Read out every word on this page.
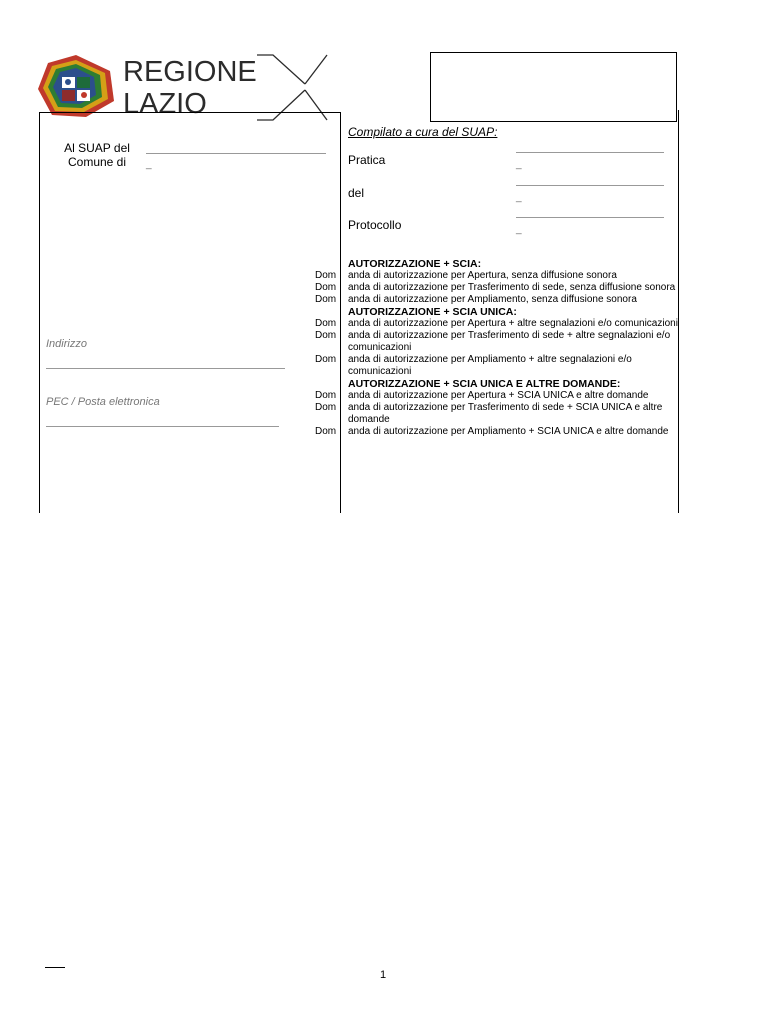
REGIONE
LAZIO
Al SUAP del Comune di	_
Indirizzo
PEC / Posta elettronica
Compilato a cura del SUAP:
Pratica	_
del	_
Protocollo	_
AUTORIZZAZIONE + SCIA:
Dom anda di autorizzazione per Apertura, senza diffusione sonora
Dom anda di autorizzazione per Trasferimento di sede, senza diffusione sonora
Dom anda di autorizzazione per Ampliamento, senza diffusione sonora
AUTORIZZAZIONE + SCIA UNICA:
Dom anda di autorizzazione per Apertura + altre segnalazioni e/o comunicazioni
Dom anda di autorizzazione per Trasferimento di sede + altre segnalazioni e/o comunicazioni
Dom anda di autorizzazione per Ampliamento + altre segnalazioni e/o comunicazioni
AUTORIZZAZIONE + SCIA UNICA E ALTRE DOMANDE:
Dom anda di autorizzazione per Apertura + SCIA UNICA e altre domande
Dom anda di autorizzazione per Trasferimento di sede + SCIA UNICA e altre domande
Dom anda di autorizzazione per Ampliamento + SCIA UNICA e altre domande
1
